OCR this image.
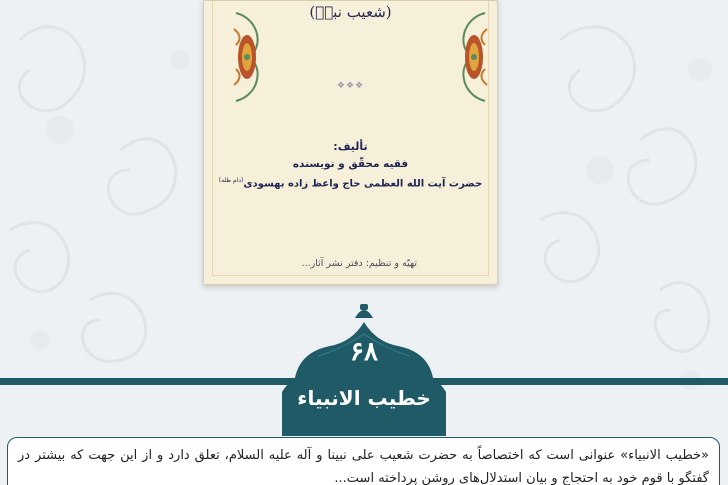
(شعیب نبیؑ)
❖❖❖
تألیف:
فقیه محقّق و نویسنده
حضرت آیت الله العظمی حاج واعظ زاده بهسودی$^{(دام ظله)}$
تهیّه و تنظیم: دفتر نشر آثار...
۶۸
خطیب الانبیاء

«خطیب الانبیاء» عنوانی است که اختصاصاً به حضرت شعیب علی نبینا و آله علیه السلام، تعلق دارد و از این جهت که بیشتر در گفتگو با قوم خود به احتجاج و بیان استدلال‌های روشن پرداخته است...
